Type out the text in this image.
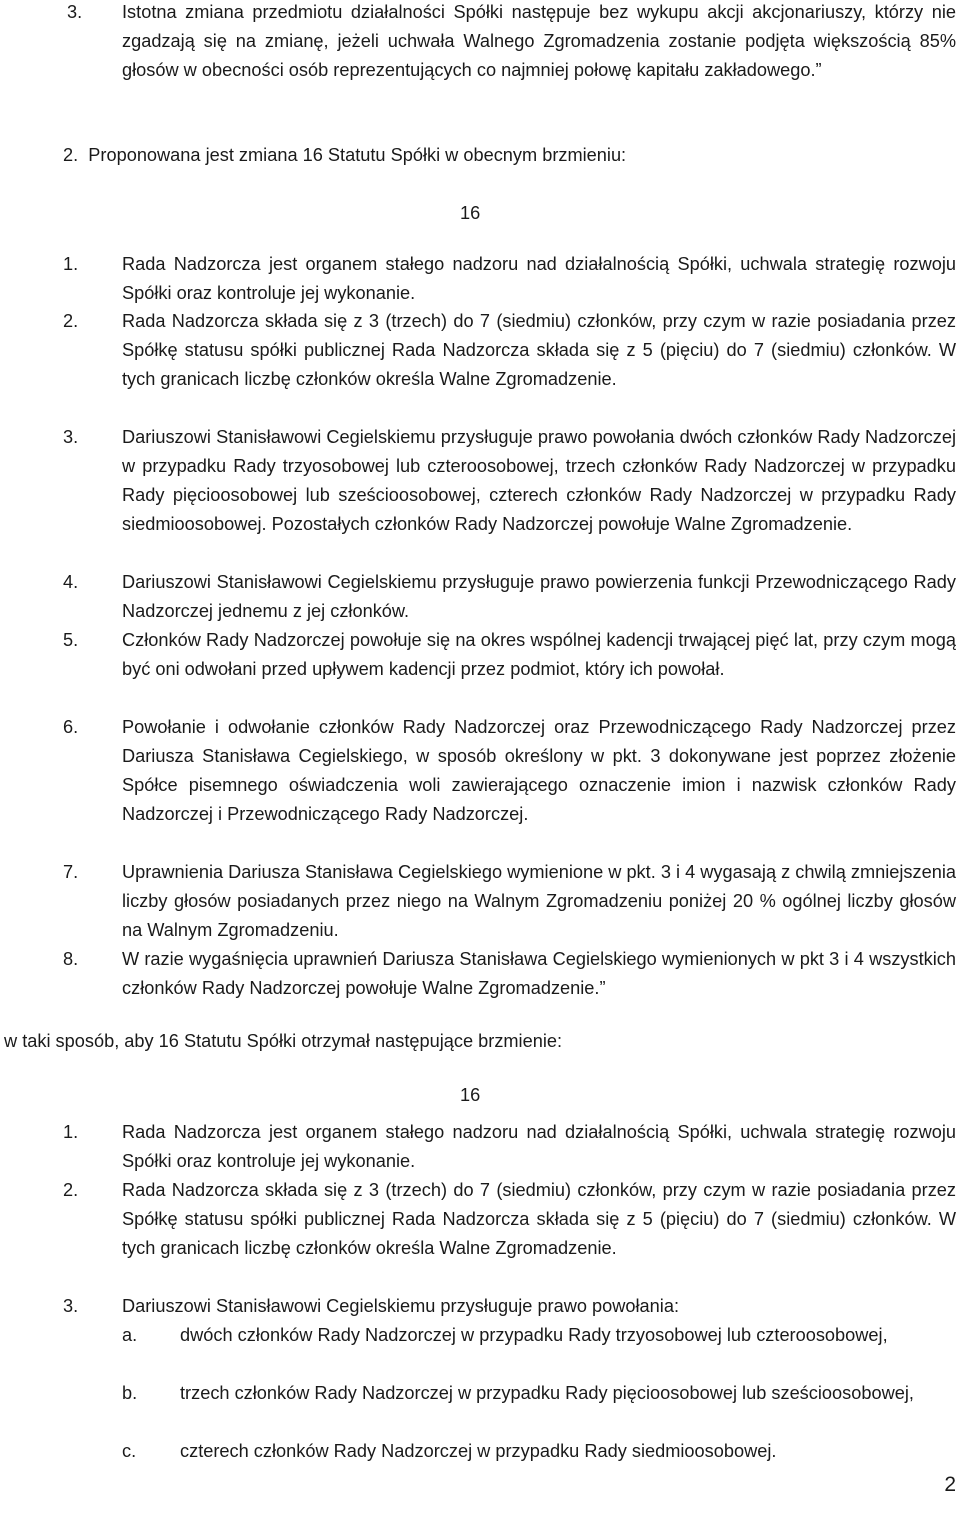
3. Istotna zmiana przedmiotu działalności Spółki następuje bez wykupu akcji akcjonariuszy, którzy nie zgadzają się na zmianę, jeżeli uchwała Walnego Zgromadzenia zostanie podjęta większością 85% głosów w obecności osób reprezentujących co najmniej połowę kapitału zakładowego.”

2. Proponowana jest zmiana 16 Statutu Spółki w obecnym brzmieniu:

16

1. Rada Nadzorcza jest organem stałego nadzoru nad działalnością Spółki, uchwala strategię rozwoju Spółki oraz kontroluje jej wykonanie.

2. Rada Nadzorcza składa się z 3 (trzech) do 7 (siedmiu) członków, przy czym w razie posiadania przez Spółkę statusu spółki publicznej Rada Nadzorcza składa się z 5 (pięciu) do 7 (siedmiu) członków. W tych granicach liczbę członków określa Walne Zgromadzenie.

3. Dariuszowi Stanisławowi Cegielskiemu przysługuje prawo powołania dwóch członków Rady Nadzorczej w przypadku Rady trzyosobowej lub czteroosobowej, trzech członków Rady Nadzorczej w przypadku Rady pięcioosobowej lub sześcioosobowej, czterech członków Rady Nadzorczej w przypadku Rady siedmioosobowej. Pozostałych członków Rady Nadzorczej powołuje Walne Zgromadzenie.

4. Dariuszowi Stanisławowi Cegielskiemu przysługuje prawo powierzenia funkcji Przewodniczącego Rady Nadzorczej jednemu z jej członków.

5. Członków Rady Nadzorczej powołuje się na okres wspólnej kadencji trwającej pięć lat, przy czym mogą być oni odwołani przed upływem kadencji przez podmiot, który ich powołał.

6. Powołanie i odwołanie członków Rady Nadzorczej oraz Przewodniczącego Rady Nadzorczej przez Dariusza Stanisława Cegielskiego, w sposób określony w pkt. 3 dokonywane jest poprzez złożenie Spółce pisemnego oświadczenia woli zawierającego oznaczenie imion i nazwisk członków Rady Nadzorczej i Przewodniczącego Rady Nadzorczej.

7. Uprawnienia Dariusza Stanisława Cegielskiego wymienione w pkt. 3 i 4 wygasają z chwilą zmniejszenia liczby głosów posiadanych przez niego na Walnym Zgromadzeniu poniżej 20 % ogólnej liczby głosów na Walnym Zgromadzeniu.

8. W razie wygaśnięcia uprawnień Dariusza Stanisława Cegielskiego wymienionych w pkt 3 i 4 wszystkich członków Rady Nadzorczej powołuje Walne Zgromadzenie.”

w taki sposób, aby 16 Statutu Spółki otrzymał następujące brzmienie:

16

1. Rada Nadzorcza jest organem stałego nadzoru nad działalnością Spółki, uchwala strategię rozwoju Spółki oraz kontroluje jej wykonanie.

2. Rada Nadzorcza składa się z 3 (trzech) do 7 (siedmiu) członków, przy czym w razie posiadania przez Spółkę statusu spółki publicznej Rada Nadzorcza składa się z 5 (pięciu) do 7 (siedmiu) członków. W tych granicach liczbę członków określa Walne Zgromadzenie.

3. Dariuszowi Stanisławowi Cegielskiemu przysługuje prawo powołania:

a. dwóch członków Rady Nadzorczej w przypadku Rady trzyosobowej lub czteroosobowej,

b. trzech członków Rady Nadzorczej w przypadku Rady pięcioosobowej lub sześcioosobowej,

c. czterech członków Rady Nadzorczej w przypadku Rady siedmioosobowej.

2
